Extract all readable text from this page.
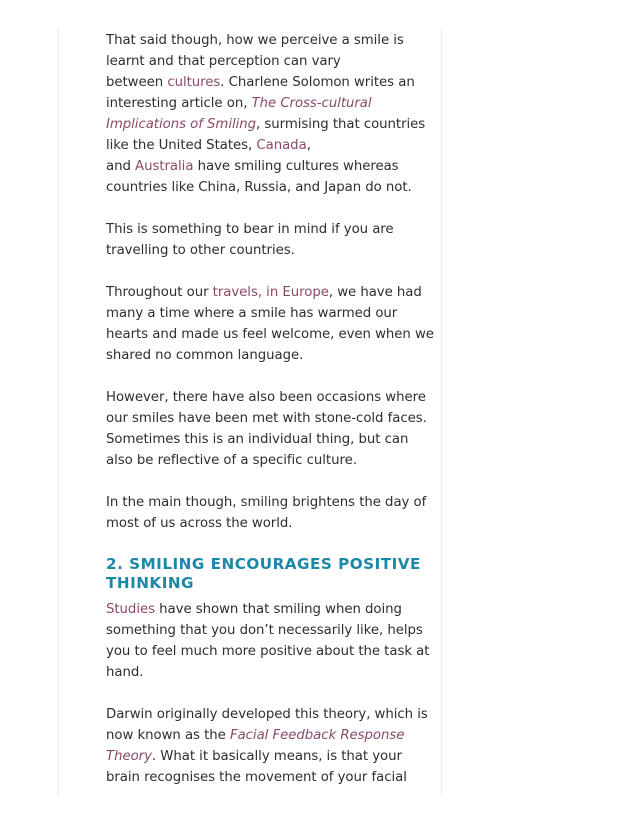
That said though, how we perceive a smile is
learnt and that perception can vary
between cultures. Charlene Solomon writes an
interesting article on, The Cross-cultural
Implications of Smiling, surmising that countries
like the United States, Canada,
and Australia have smiling cultures whereas
countries like China, Russia, and Japan do not.

This is something to bear in mind if you are
travelling to other countries.

Throughout our travels, in Europe, we have had
many a time where a smile has warmed our
hearts and made us feel welcome, even when we
shared no common language.

However, there have also been occasions where
our smiles have been met with stone-cold faces.
Sometimes this is an individual thing, but can
also be reflective of a specific culture.

In the main though, smiling brightens the day of
most of us across the world.

2. SMILING ENCOURAGES POSITIVE
THINKING

Studies have shown that smiling when doing
something that you don’t necessarily like, helps
you to feel much more positive about the task at
hand.

Darwin originally developed this theory, which is
now known as the Facial Feedback Response
Theory. What it basically means, is that your
brain recognises the movement of your facial
